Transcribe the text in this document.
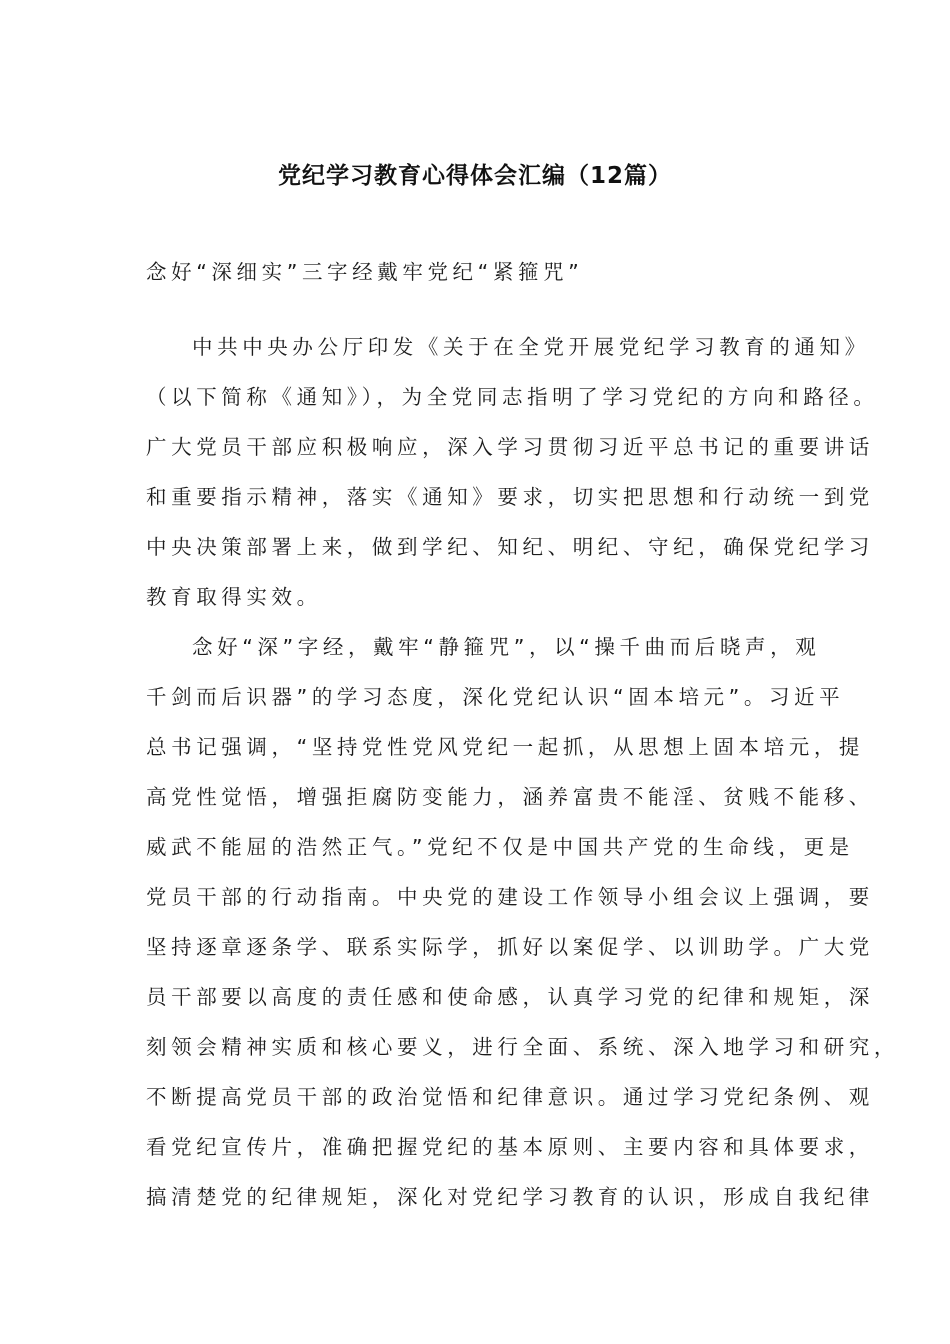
党纪学习教育心得体会汇编（12篇）
念好“深细实”三字经戴牢党纪“紧箍咒”
中共中央办公厅印发《关于在全党开展党纪学习教育的通知》
（以下简称《通知》），为全党同志指明了学习党纪的方向和路径。
广大党员干部应积极响应，深入学习贯彻习近平总书记的重要讲话
和重要指示精神，落实《通知》要求，切实把思想和行动统一到党
中央决策部署上来，做到学纪、知纪、明纪、守纪，确保党纪学习
教育取得实效。
念好“深”字经，戴牢“静箍咒”，以“操千曲而后晓声，观
千剑而后识器”的学习态度，深化党纪认识“固本培元”。习近平
总书记强调，“坚持党性党风党纪一起抓，从思想上固本培元，提
高党性觉悟，增强拒腐防变能力，涵养富贵不能淫、贫贱不能移、
威武不能屈的浩然正气。”党纪不仅是中国共产党的生命线，更是
党员干部的行动指南。中央党的建设工作领导小组会议上强调，要
坚持逐章逐条学、联系实际学，抓好以案促学、以训助学。广大党
员干部要以高度的责任感和使命感，认真学习党的纪律和规矩，深
刻领会精神实质和核心要义，进行全面、系统、深入地学习和研究，
不断提高党员干部的政治觉悟和纪律意识。通过学习党纪条例、观
看党纪宣传片，准确把握党纪的基本原则、主要内容和具体要求，
搞清楚党的纪律规矩，深化对党纪学习教育的认识，形成自我纪律
